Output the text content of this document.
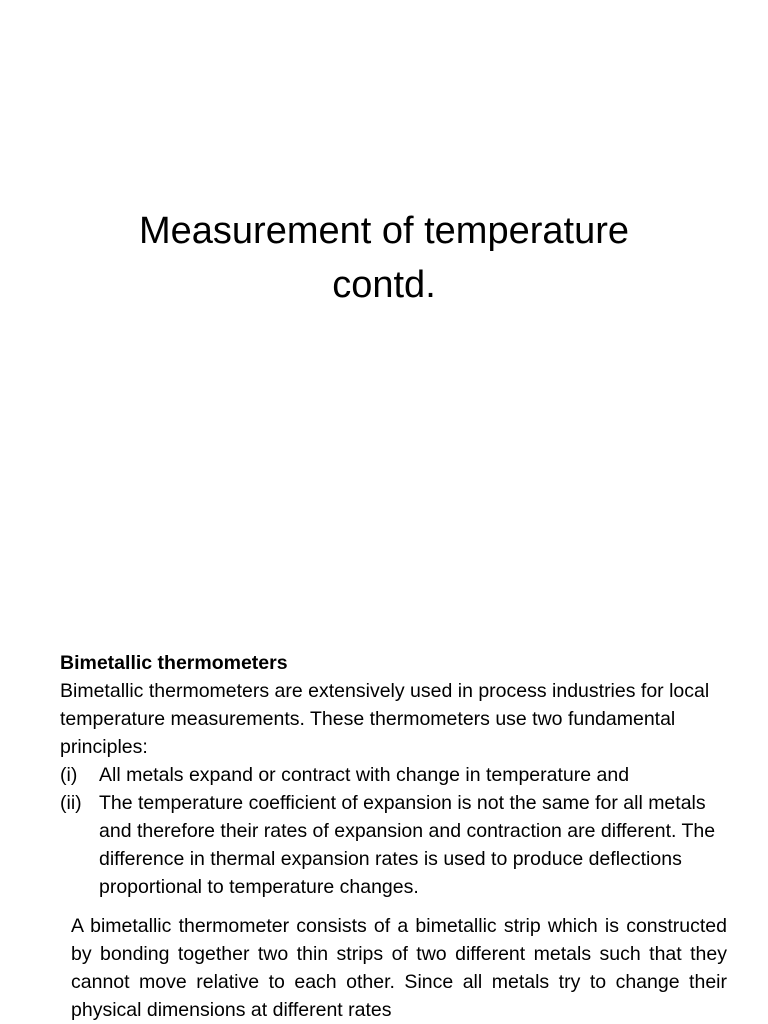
Measurement of temperature
contd.

Bimetallic thermometers

Bimetallic thermometers are extensively used in process industries for local temperature measurements. These thermometers use two fundamental principles:

(i)	All metals expand or contract with change in temperature and
(ii) The temperature coefficient of expansion is not the same for all metals and therefore their rates of expansion and contraction are different. The difference in thermal expansion rates is used to produce deflections proportional to temperature changes.

A bimetallic thermometer consists of a bimetallic strip which is constructed by bonding together two thin strips of two different metals such that they cannot move relative to each other. Since all metals try to change their physical dimensions at different rates
